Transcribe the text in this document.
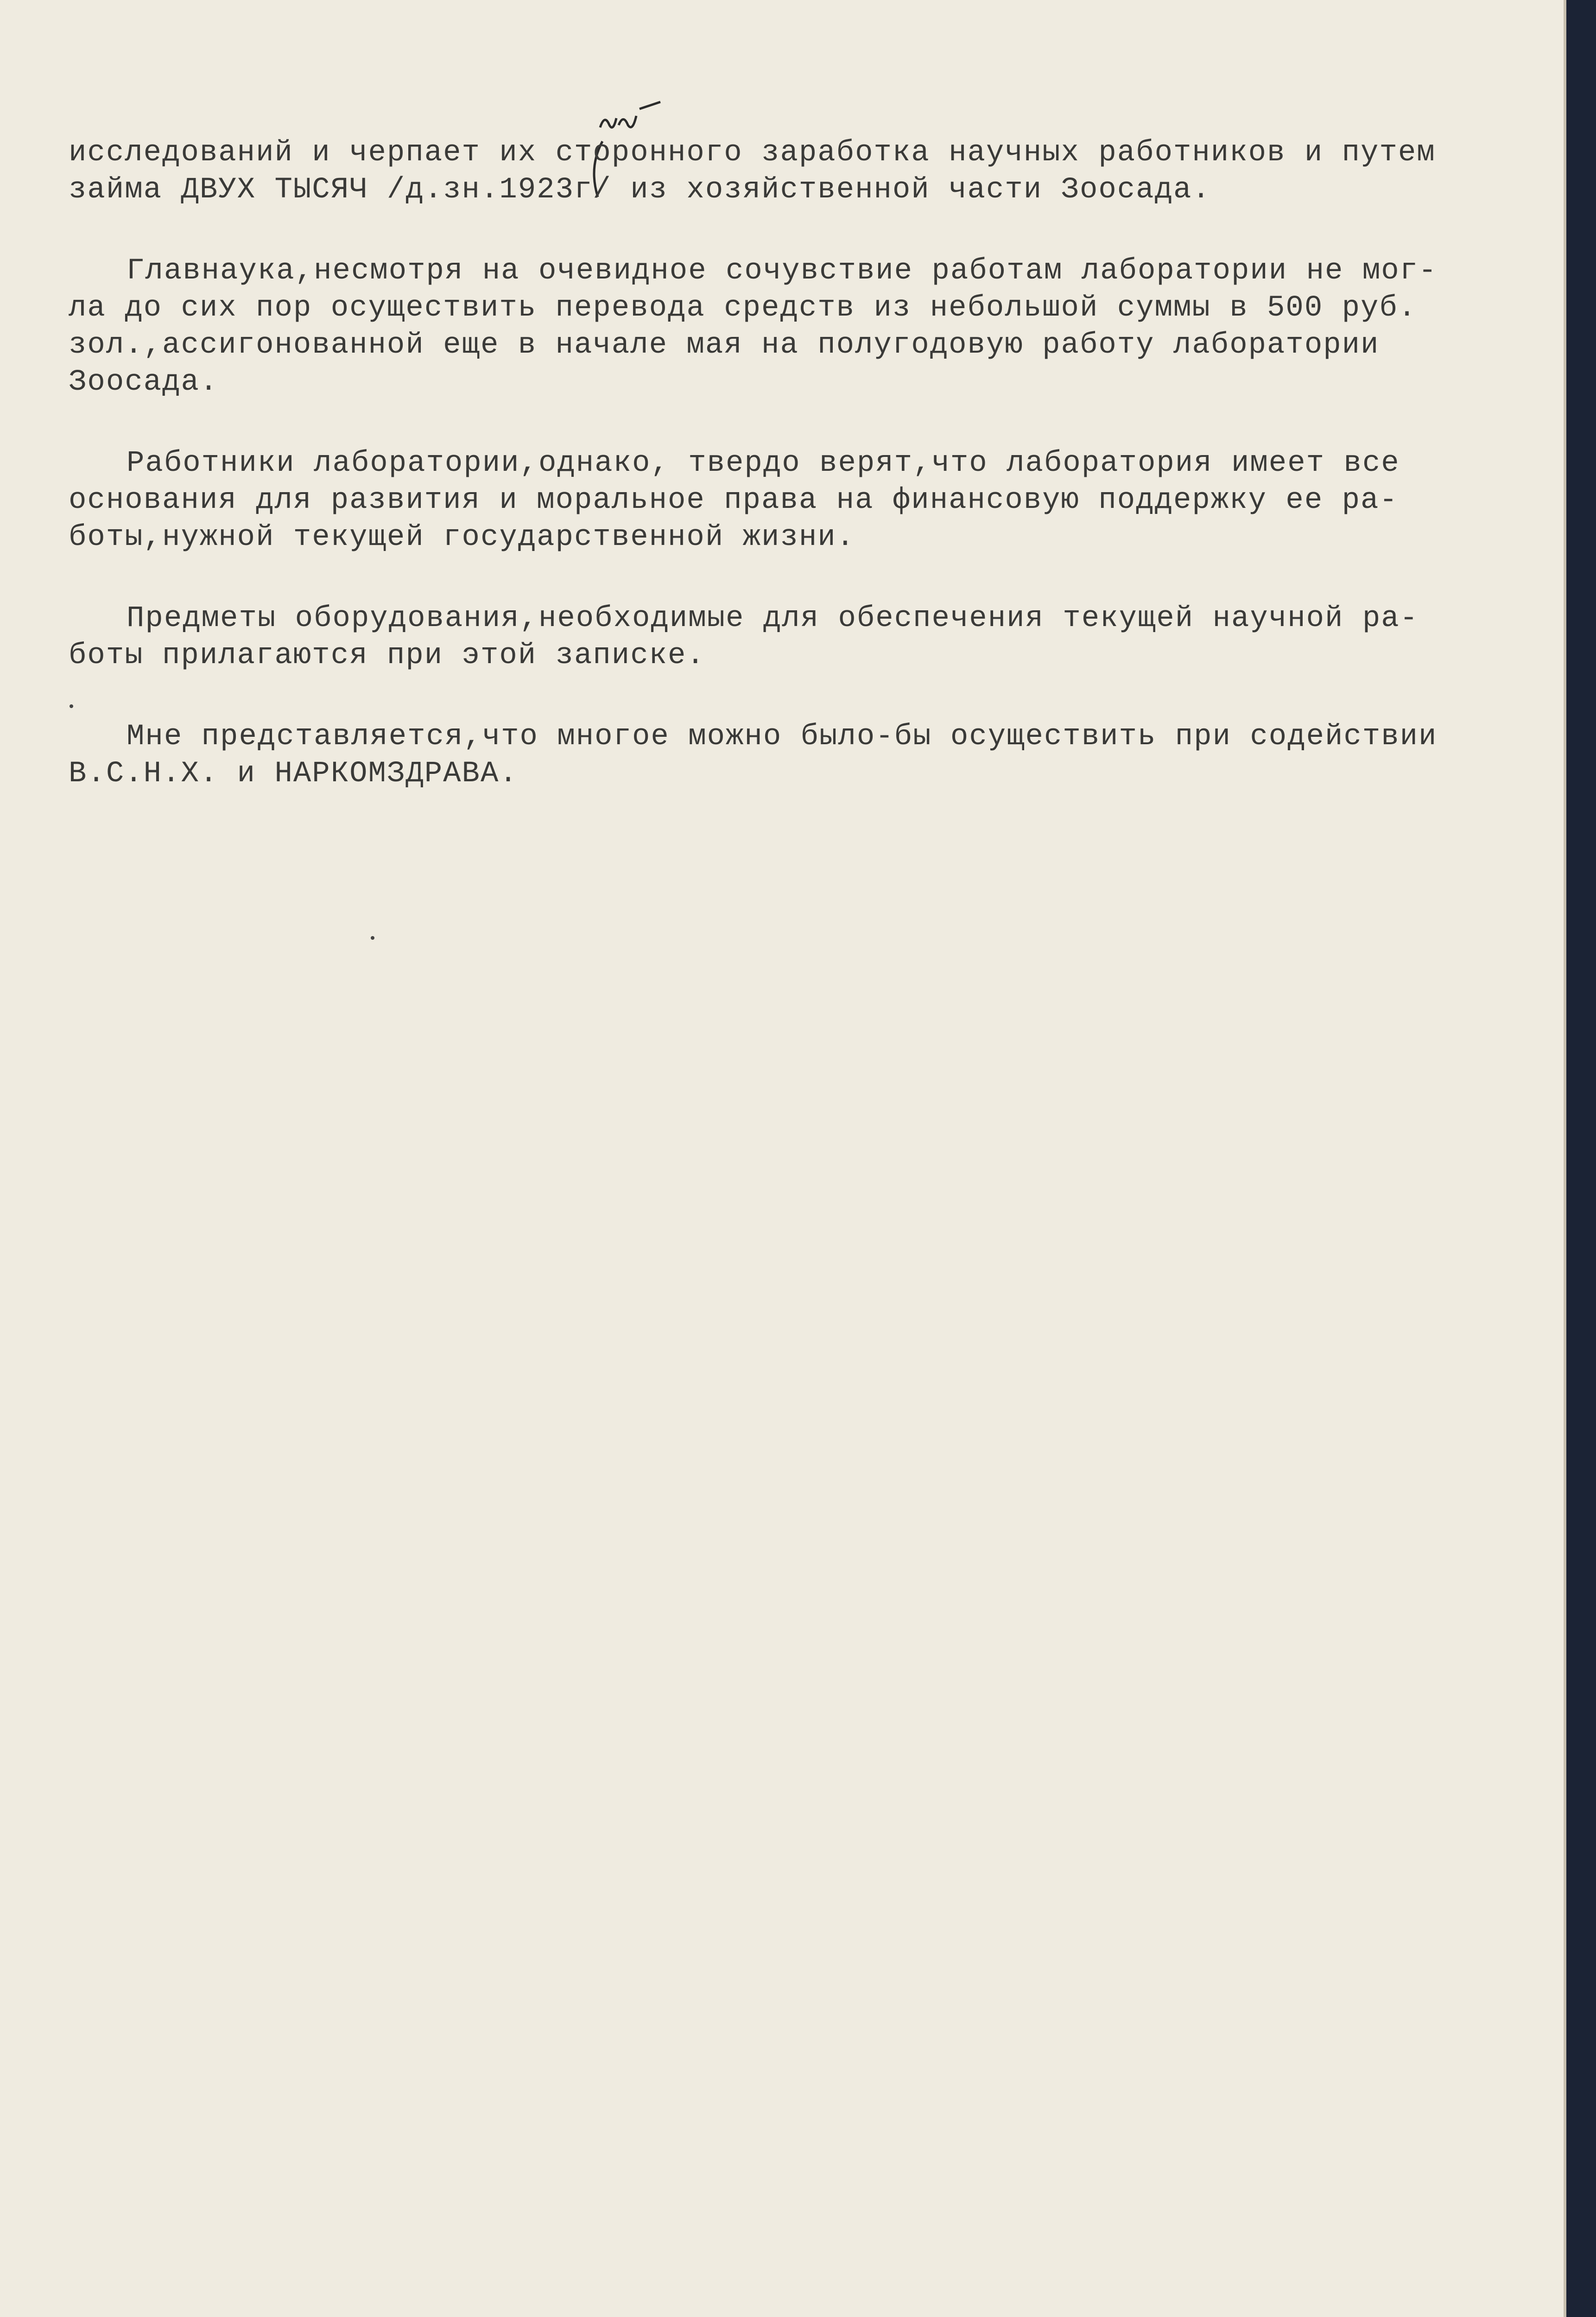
исследований и черпает их сторонного заработка научных работников и путем
займа ДВУХ ТЫСЯЧ /д.зн.1923г/ из хозяйственной части Зоосада.
Главнаука,несмотря на очевидное сочувствие работам лаборатории не мог-
ла до сих пор осуществить перевода средств из небольшой суммы в 500 руб.
зол.,ассигонованной еще в начале мая на полугодовую работу лаборатории
Зоосада.
Работники лаборатории,однако, твердо верят,что лаборатория имеет все
основания для развития и моральное права на финансовую поддержку ее ра-
боты,нужной текущей государственной жизни.
Предметы оборудования,необходимые для обеспечения текущей научной ра-
боты прилагаются при этой записке.
Мне представляется,что многое можно было-бы осуществить при содействии
В.С.Н.Х. и НАРКОМЗДРАВА.
